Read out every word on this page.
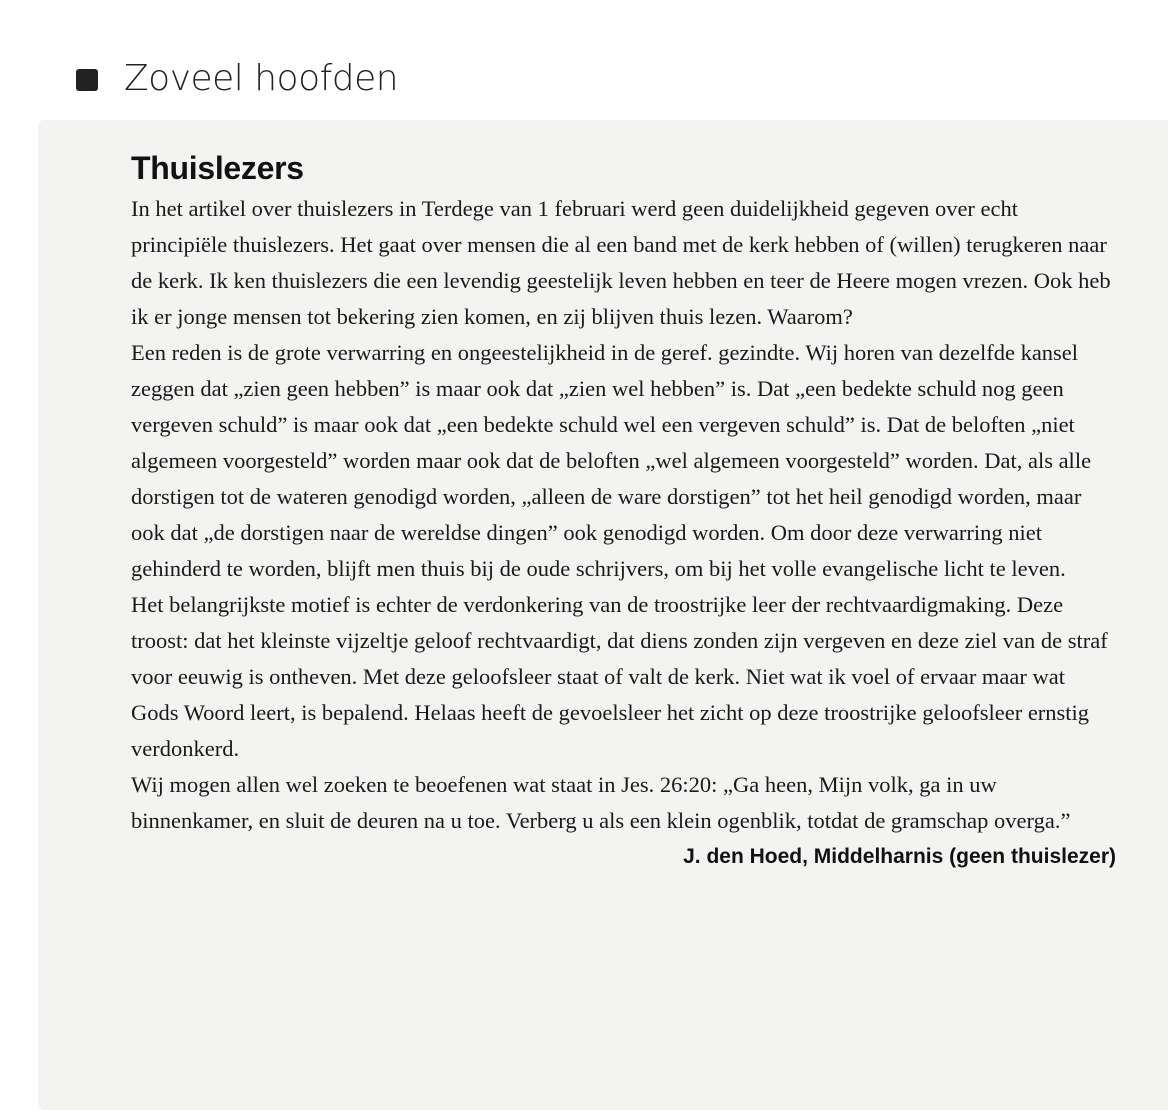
Zoveel hoofden
Thuislezers

In het artikel over thuislezers in Terdege van 1 februari werd geen duidelijkheid gegeven over echt principiële thuislezers. Het gaat over mensen die al een band met de kerk hebben of (willen) terugkeren naar de kerk. Ik ken thuislezers die een levendig geestelijk leven hebben en teer de Heere mogen vrezen. Ook heb ik er jonge mensen tot bekering zien komen, en zij blijven thuis lezen. Waarom?

Een reden is de grote verwarring en ongeestelijkheid in de geref. gezindte. Wij horen van dezelfde kansel zeggen dat „zien geen hebben” is maar ook dat „zien wel hebben” is. Dat „een bedekte schuld nog geen vergeven schuld” is maar ook dat „een bedekte schuld wel een vergeven schuld” is. Dat de beloften „niet algemeen voorgesteld” worden maar ook dat de beloften „wel algemeen voorgesteld” worden. Dat, als alle dorstigen tot de wateren genodigd worden, „alleen de ware dorstigen” tot het heil genodigd worden, maar ook dat „de dorstigen naar de wereldse dingen” ook genodigd worden. Om door deze verwarring niet gehinderd te worden, blijft men thuis bij de oude schrijvers, om bij het volle evangelische licht te leven.

Het belangrijkste motief is echter de verdonkering van de troostrijke leer der rechtvaardigmaking. Deze troost: dat het kleinste vijzeltje geloof rechtvaardigt, dat diens zonden zijn vergeven en deze ziel van de straf voor eeuwig is ontheven. Met deze geloofsleer staat of valt de kerk. Niet wat ik voel of ervaar maar wat Gods Woord leert, is bepalend. Helaas heeft de gevoelsleer het zicht op deze troostrijke geloofsleer ernstig verdonkerd.

Wij mogen allen wel zoeken te beoefenen wat staat in Jes. 26:20: „Ga heen, Mijn volk, ga in uw binnenkamer, en sluit de deuren na u toe. Verberg u als een klein ogenblik, totdat de gramschap overga.”

J. den Hoed, Middelharnis (geen thuislezer)
